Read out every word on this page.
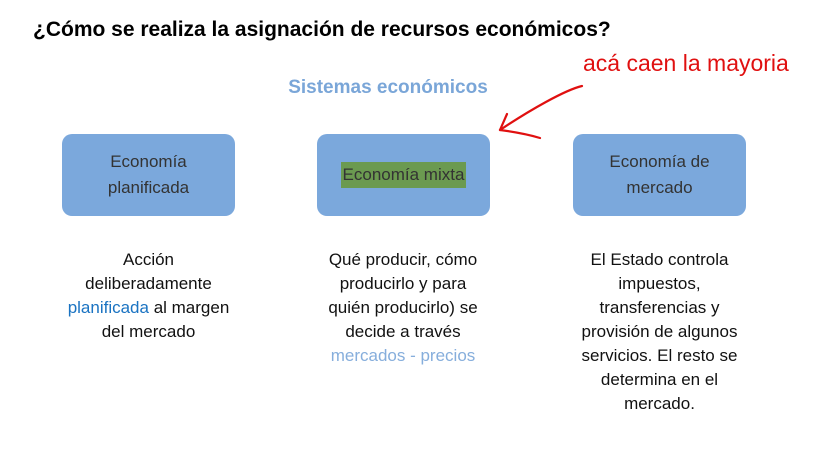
¿Cómo se realiza la asignación de recursos económicos?
Sistemas económicos
acá caen la mayoria
Economía
planificada
Economía mixta
Economía de
mercado
Acción
deliberadamente
planificada al margen
del mercado
Qué producir, cómo
producirlo y para
quién producirlo) se
decide a través
mercados - precios
El Estado controla
impuestos,
transferencias y
provisión de algunos
servicios. El resto se
determina en el
mercado.
